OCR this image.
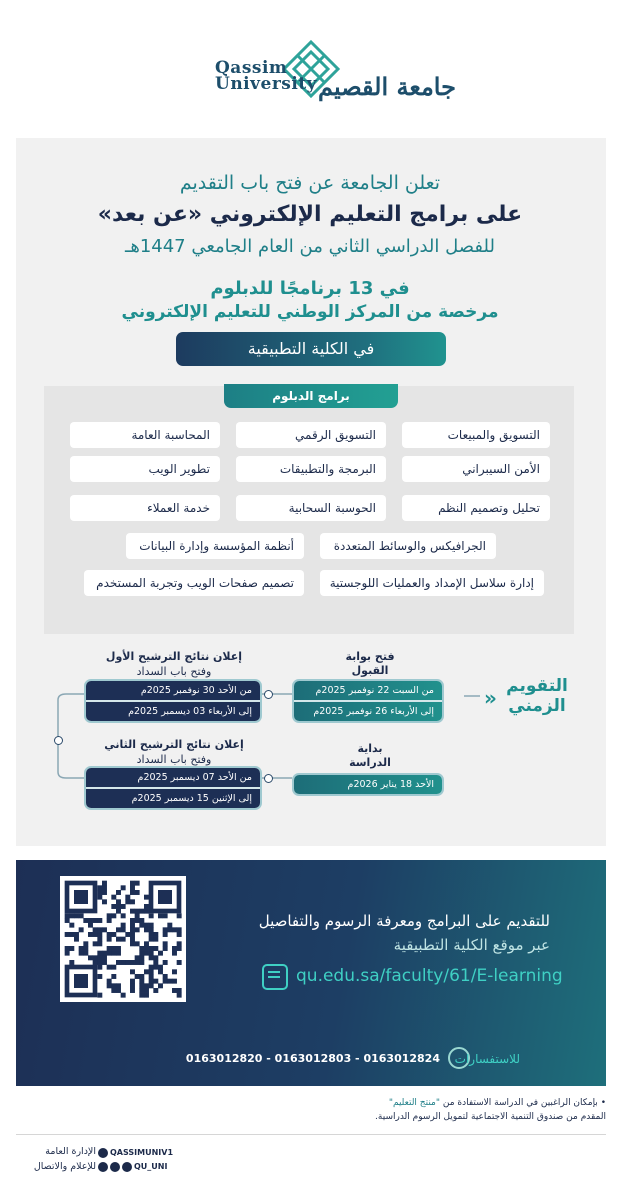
Qassim
University جامعة القصيم
تعلن الجامعة عن فتح باب التقديم
على برامج التعليم الإلكتروني «عن بعد»
للفصل الدراسي الثاني من العام الجامعي 1447هـ
في 13 برنامجًا للدبلوم
مرخصة من المركز الوطني للتعليم الإلكتروني
في الكلية التطبيقية
برامج الدبلوم
التسويق والمبيعات
التسويق الرقمي
المحاسبة العامة
الأمن السيبراني
البرمجة والتطبيقات
تطوير الويب
تحليل وتصميم النظم
الحوسبة السحابية
خدمة العملاء
الجرافيكس والوسائط المتعددة
أنظمة المؤسسة وإدارة البيانات
إدارة سلاسل الإمداد والعمليات اللوجستية
تصميم صفحات الويب وتجربة المستخدم
التقويم
الزمني
»
فتح بوابة
القبول
من السبت 22 نوفمبر 2025م
إلى الأربعاء 26 نوفمبر 2025م
إعلان نتائج الترشيح الأول
وفتح باب السداد
من الأحد 30 نوفمبر 2025م
إلى الأربعاء 03 ديسمبر 2025م
بداية
الدراسة
الأحد 18 يناير 2026م
إعلان نتائج الترشيح الثاني
وفتح باب السداد
من الأحد 07 ديسمبر 2025م
إلى الإثنين 15 ديسمبر 2025م
للتقديم على البرامج ومعرفة الرسوم والتفاصيل
عبر موقع الكلية التطبيقية
qu.edu.sa/faculty/61/E-learning
للاستفسارات
0163012820 - 0163012803 - 0163012824
• بإمكان الراغبين في الدراسة الاستفادة من "منتج التعليم"
المقدم من صندوق التنمية الاجتماعية لتمويل الرسوم الدراسية.
QASSIMUNIV1
QU_UNI
الإدارة العامة
للإعلام والاتصال
